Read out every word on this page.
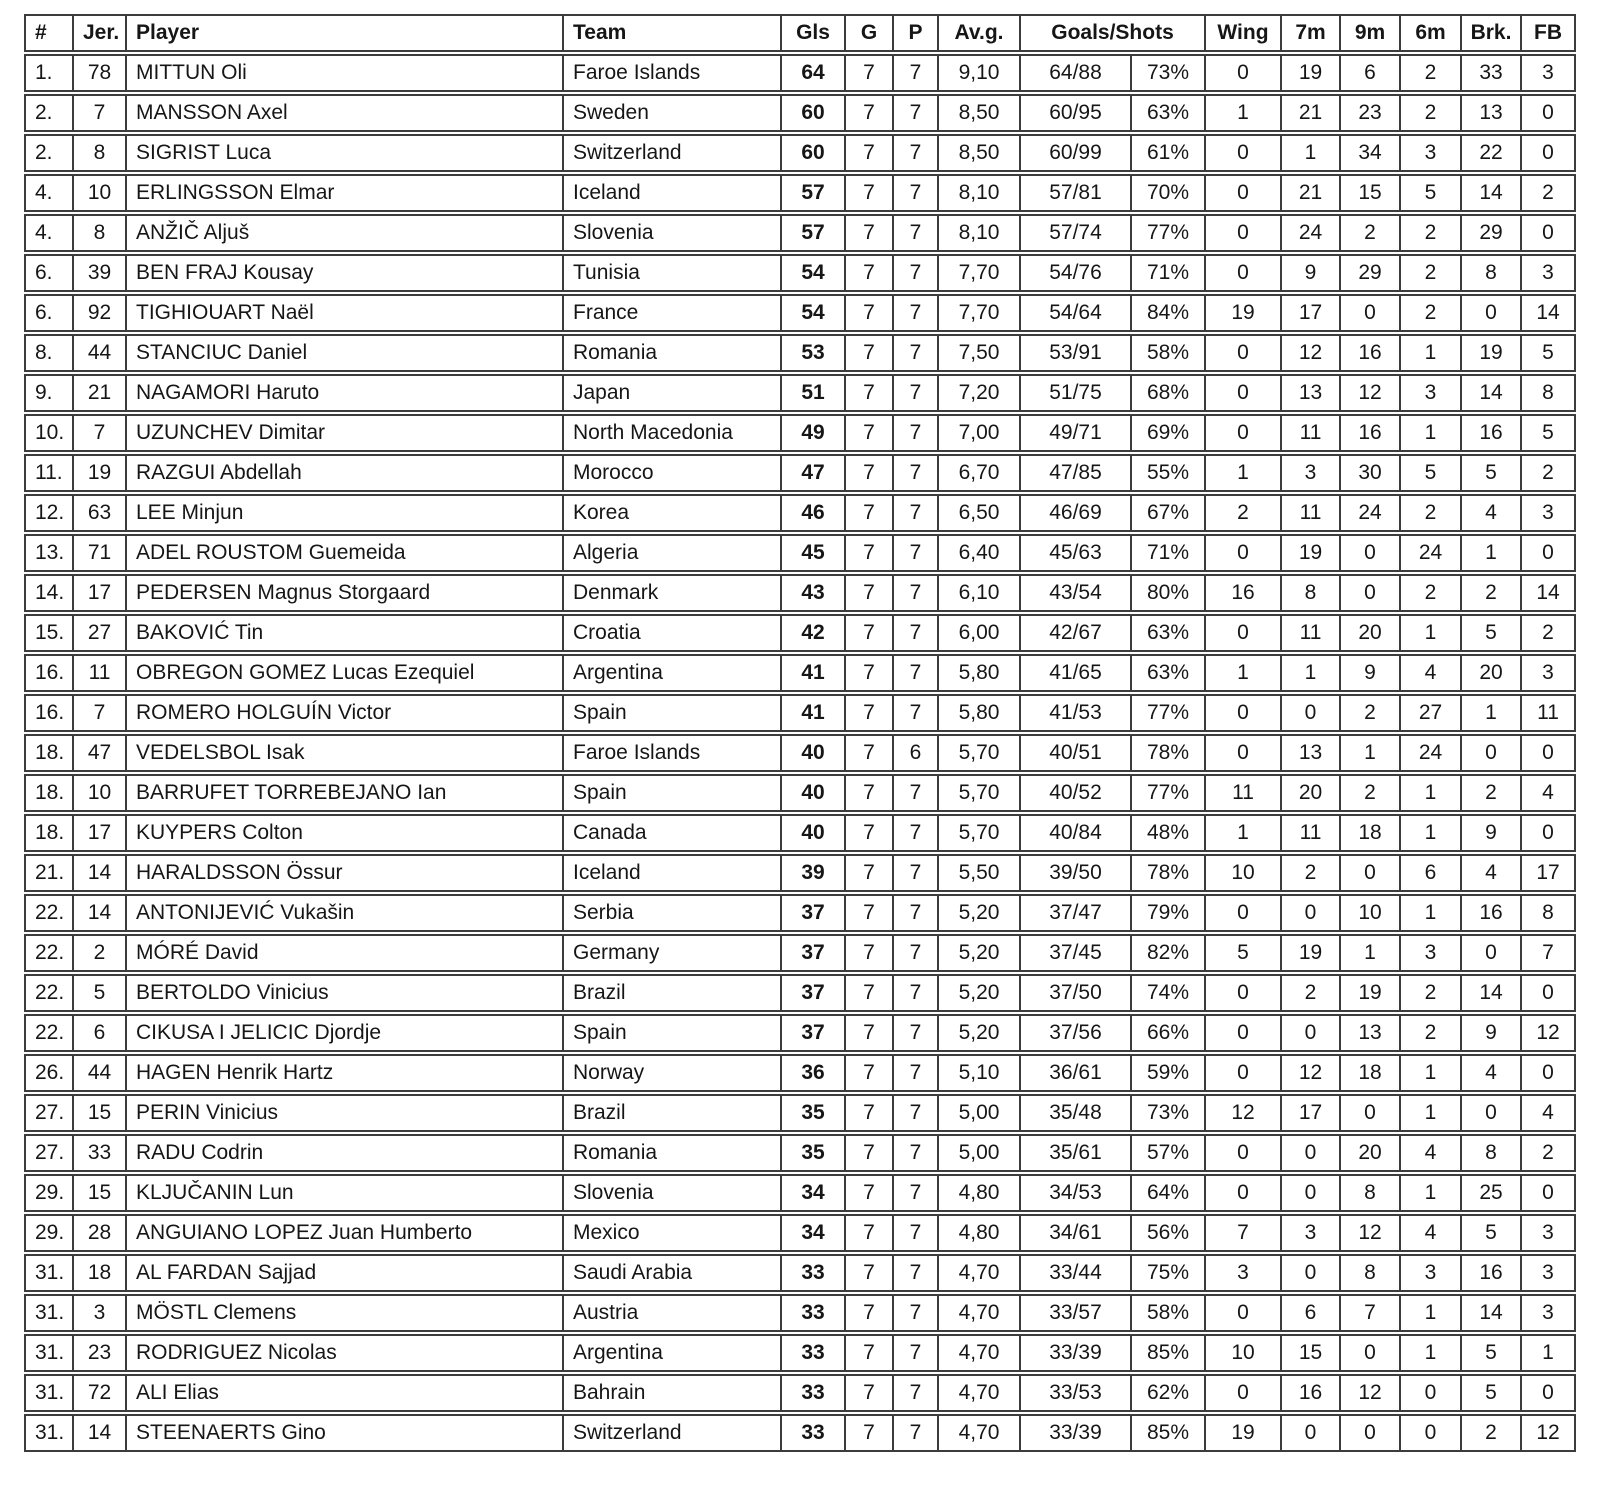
#	Jer.	Player	Team	Gls	G	P	Av.g.	Goals/Shots		Wing	7m	9m	6m	Brk.	FB
1.	78	MITTUN Oli	Faroe Islands	64	7	7	9,10	64/88	73%	0	19	6	2	33	3
2.	7	MANSSON Axel	Sweden	60	7	7	8,50	60/95	63%	1	21	23	2	13	0
2.	8	SIGRIST Luca	Switzerland	60	7	7	8,50	60/99	61%	0	1	34	3	22	0
4.	10	ERLINGSSON Elmar	Iceland	57	7	7	8,10	57/81	70%	0	21	15	5	14	2
4.	8	ANŽIČ Aljuš	Slovenia	57	7	7	8,10	57/74	77%	0	24	2	2	29	0
6.	39	BEN FRAJ Kousay	Tunisia	54	7	7	7,70	54/76	71%	0	9	29	2	8	3
6.	92	TIGHIOUART Naël	France	54	7	7	7,70	54/64	84%	19	17	0	2	0	14
8.	44	STANCIUC Daniel	Romania	53	7	7	7,50	53/91	58%	0	12	16	1	19	5
9.	21	NAGAMORI Haruto	Japan	51	7	7	7,20	51/75	68%	0	13	12	3	14	8
10.	7	UZUNCHEV Dimitar	North Macedonia	49	7	7	7,00	49/71	69%	0	11	16	1	16	5
11.	19	RAZGUI Abdellah	Morocco	47	7	7	6,70	47/85	55%	1	3	30	5	5	2
12.	63	LEE Minjun	Korea	46	7	7	6,50	46/69	67%	2	11	24	2	4	3
13.	71	ADEL ROUSTOM Guemeida	Algeria	45	7	7	6,40	45/63	71%	0	19	0	24	1	0
14.	17	PEDERSEN Magnus Storgaard	Denmark	43	7	7	6,10	43/54	80%	16	8	0	2	2	14
15.	27	BAKOVIĆ Tin	Croatia	42	7	7	6,00	42/67	63%	0	11	20	1	5	2
16.	11	OBREGON GOMEZ Lucas Ezequiel	Argentina	41	7	7	5,80	41/65	63%	1	1	9	4	20	3
16.	7	ROMERO HOLGUÍN Victor	Spain	41	7	7	5,80	41/53	77%	0	0	2	27	1	11
18.	47	VEDELSBOL Isak	Faroe Islands	40	7	6	5,70	40/51	78%	0	13	1	24	0	0
18.	10	BARRUFET TORREBEJANO Ian	Spain	40	7	7	5,70	40/52	77%	11	20	2	1	2	4
18.	17	KUYPERS Colton	Canada	40	7	7	5,70	40/84	48%	1	11	18	1	9	0
21.	14	HARALDSSON Össur	Iceland	39	7	7	5,50	39/50	78%	10	2	0	6	4	17
22.	14	ANTONIJEVIĆ Vukašin	Serbia	37	7	7	5,20	37/47	79%	0	0	10	1	16	8
22.	2	MÓRÉ David	Germany	37	7	7	5,20	37/45	82%	5	19	1	3	0	7
22.	5	BERTOLDO Vinicius	Brazil	37	7	7	5,20	37/50	74%	0	2	19	2	14	0
22.	6	CIKUSA I JELICIC Djordje	Spain	37	7	7	5,20	37/56	66%	0	0	13	2	9	12
26.	44	HAGEN Henrik Hartz	Norway	36	7	7	5,10	36/61	59%	0	12	18	1	4	0
27.	15	PERIN Vinicius	Brazil	35	7	7	5,00	35/48	73%	12	17	0	1	0	4
27.	33	RADU Codrin	Romania	35	7	7	5,00	35/61	57%	0	0	20	4	8	2
29.	15	KLJUČANIN Lun	Slovenia	34	7	7	4,80	34/53	64%	0	0	8	1	25	0
29.	28	ANGUIANO LOPEZ Juan Humberto	Mexico	34	7	7	4,80	34/61	56%	7	3	12	4	5	3
31.	18	AL FARDAN Sajjad	Saudi Arabia	33	7	7	4,70	33/44	75%	3	0	8	3	16	3
31.	3	MÖSTL Clemens	Austria	33	7	7	4,70	33/57	58%	0	6	7	1	14	3
31.	23	RODRIGUEZ Nicolas	Argentina	33	7	7	4,70	33/39	85%	10	15	0	1	5	1
31.	72	ALI Elias	Bahrain	33	7	7	4,70	33/53	62%	0	16	12	0	5	0
31.	14	STEENAERTS Gino	Switzerland	33	7	7	4,70	33/39	85%	19	0	0	0	2	12
